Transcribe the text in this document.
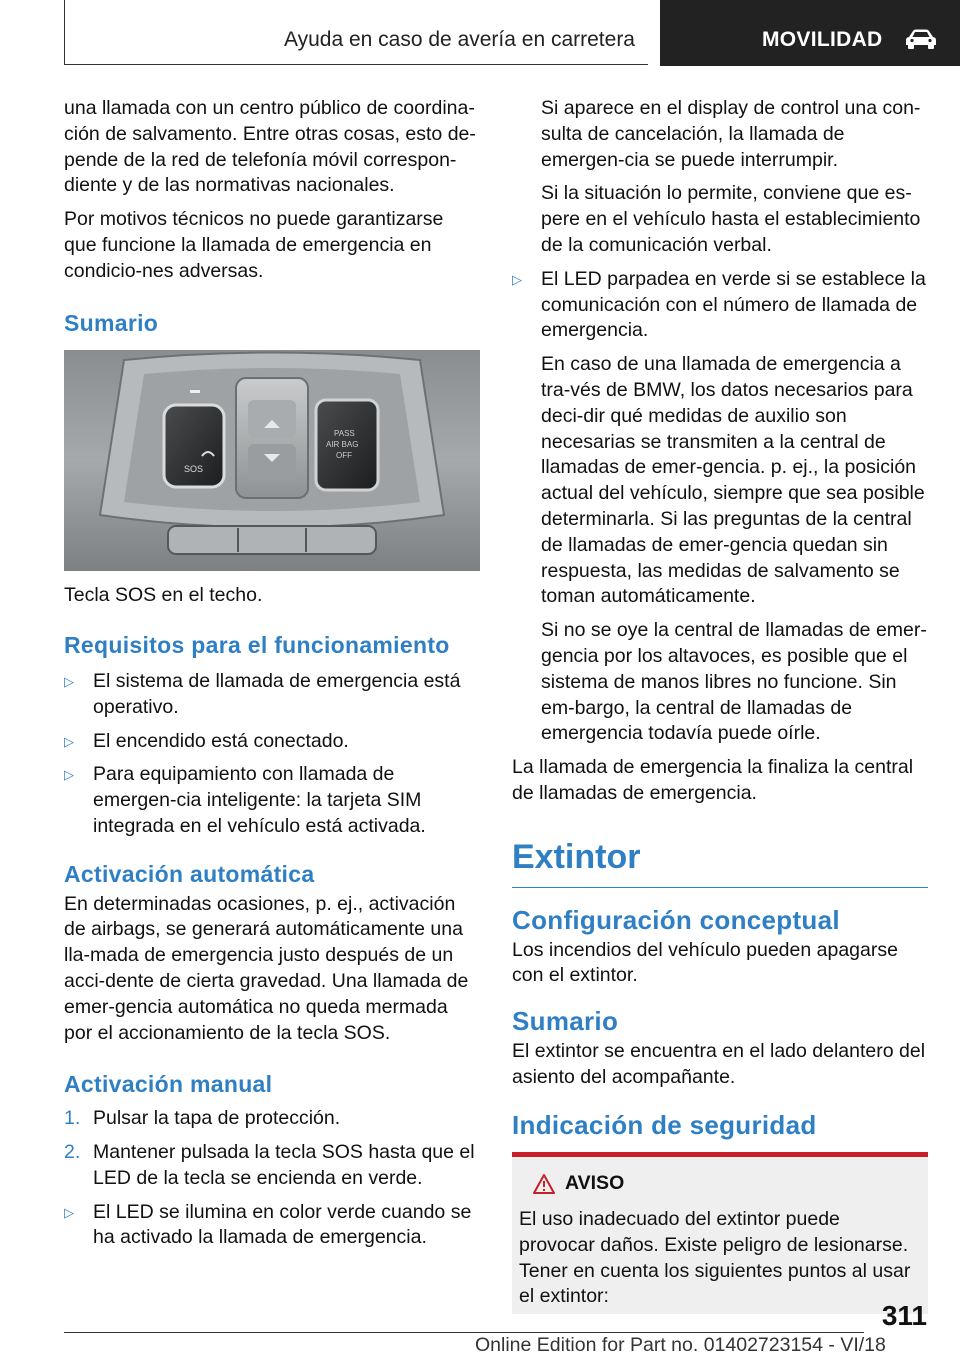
Ayuda en caso de avería en carretera	MOVILIDAD

una llamada con un centro público de coordina-ción de salvamento. Entre otras cosas, esto de-pende de la red de telefonía móvil correspon-diente y de las normativas nacionales.

Por motivos técnicos no puede garantizarse que funcione la llamada de emergencia en condicio-nes adversas.

Sumario
SOS
PASS
AIR BAG
OFF

Tecla SOS en el techo.

Requisitos para el funcionamiento
▷ El sistema de llamada de emergencia está operativo.
▷ El encendido está conectado.
▷ Para equipamiento con llamada de emergen-cia inteligente: la tarjeta SIM integrada en el vehículo está activada.
Activación automática

En determinadas ocasiones, p. ej., activación de airbags, se generará automáticamente una lla-mada de emergencia justo después de un acci-dente de cierta gravedad. Una llamada de emer-gencia automática no queda mermada por el accionamiento de la tecla SOS.

Activación manual
1. Pulsar la tapa de protección.
2. Mantener pulsada la tecla SOS hasta que el LED de la tecla se encienda en verde.
▷ El LED se ilumina en color verde cuando se ha activado la llamada de emergencia.

Si aparece en el display de control una con-sulta de cancelación, la llamada de emergen-cia se puede interrumpir.

Si la situación lo permite, conviene que es-pere en el vehículo hasta el establecimiento de la comunicación verbal.

▷ El LED parpadea en verde si se establece la comunicación con el número de llamada de emergencia.

En caso de una llamada de emergencia a tra-vés de BMW, los datos necesarios para deci-dir qué medidas de auxilio son necesarias se transmiten a la central de llamadas de emer-gencia. p. ej., la posición actual del vehículo, siempre que sea posible determinarla. Si las preguntas de la central de llamadas de emer-gencia quedan sin respuesta, las medidas de salvamento se toman automáticamente.

Si no se oye la central de llamadas de emer-gencia por los altavoces, es posible que el sistema de manos libres no funcione. Sin em-bargo, la central de llamadas de emergencia todavía puede oírle.

La llamada de emergencia la finaliza la central de llamadas de emergencia.

Extintor
Configuración conceptual

Los incendios del vehículo pueden apagarse con el extintor.

Sumario

El extintor se encuentra en el lado delantero del asiento del acompañante.

Indicación de seguridad
AVISO

El uso inadecuado del extintor puede provocar daños. Existe peligro de lesionarse. Tener en cuenta los siguientes puntos al usar el extintor:

311
Online Edition for Part no. 01402723154 - VI/18
